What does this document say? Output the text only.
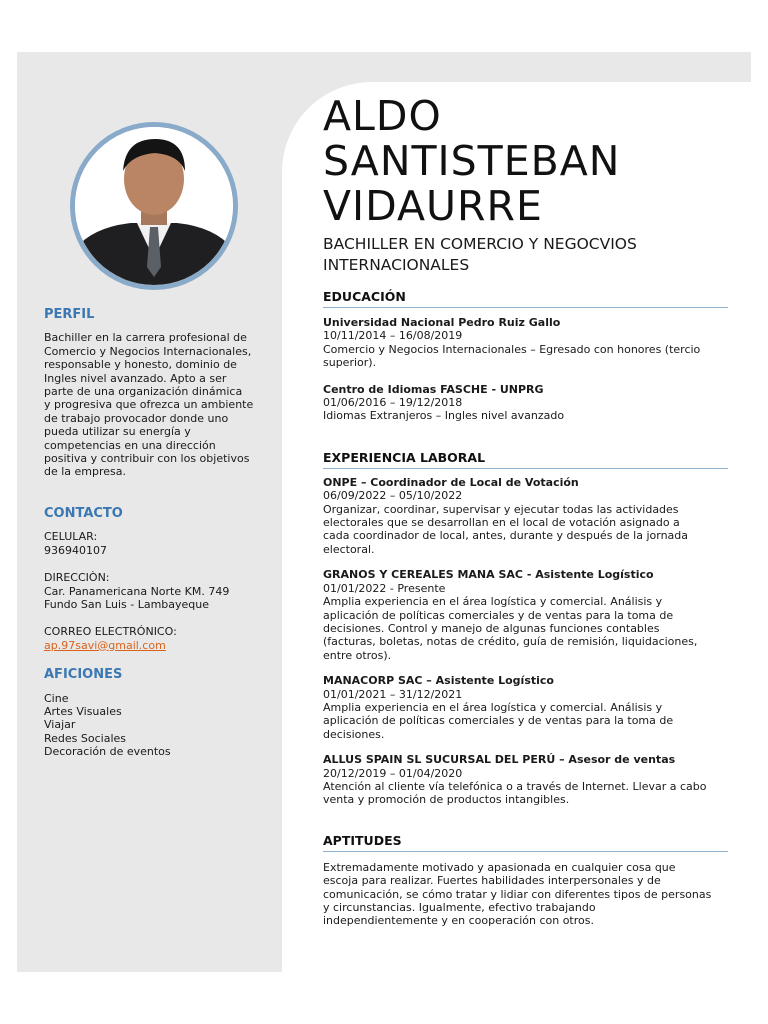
PERFIL
Bachiller en la carrera profesional de
Comercio y Negocios Internacionales,
responsable y honesto, dominio de
Ingles nivel avanzado. Apto a ser
parte de una organización dinámica
y progresiva que ofrezca un ambiente
de trabajo provocador donde uno
pueda utilizar su energía y
competencias en una dirección
positiva y contribuir con los objetivos
de la empresa.
CONTACTO
CELULAR:
936940107
DIRECCIÒN:
Car. Panamericana Norte KM. 749
Fundo San Luis - Lambayeque
CORREO ELECTRÓNICO:
ap.97savi@gmail.com
AFICIONES
Cine
Artes Visuales
Viajar
Redes Sociales
Decoración de eventos
ALDO
SANTISTEBAN
VIDAURRE
BACHILLER EN COMERCIO Y NEGOCVIOS
INTERNACIONALES
EDUCACIÓN
Universidad Nacional Pedro Ruiz Gallo
10/11/2014 – 16/08/2019
Comercio y Negocios Internacionales – Egresado con honores (tercio
superior).
Centro de Idiomas FASCHE - UNPRG
01/06/2016 – 19/12/2018
Idiomas Extranjeros – Ingles nivel avanzado
EXPERIENCIA LABORAL
ONPE – Coordinador de Local de Votación
06/09/2022 – 05/10/2022
Organizar, coordinar, supervisar y ejecutar todas las actividades
electorales que se desarrollan en el local de votación asignado a
cada coordinador de local, antes, durante y después de la jornada
electoral.
GRANOS Y CEREALES MANA SAC - Asistente Logístico
01/01/2022 - Presente
Amplia experiencia en el área logística y comercial. Análisis y
aplicación de políticas comerciales y de ventas para la toma de
decisiones. Control y manejo de algunas funciones contables
(facturas, boletas, notas de crédito, guía de remisión, liquidaciones,
entre otros).
MANACORP SAC – Asistente Logístico
01/01/2021 – 31/12/2021
Amplia experiencia en el área logística y comercial. Análisis y
aplicación de políticas comerciales y de ventas para la toma de
decisiones.
ALLUS SPAIN SL SUCURSAL DEL PERÚ – Asesor de ventas
20/12/2019 – 01/04/2020
Atención al cliente vía telefónica o a través de Internet. Llevar a cabo
venta y promoción de productos intangibles.
APTITUDES
Extremadamente motivado y apasionada en cualquier cosa que
escoja para realizar. Fuertes habilidades interpersonales y de
comunicación, se cómo tratar y lidiar con diferentes tipos de personas
y circunstancias. Igualmente, efectivo trabajando
independientemente y en cooperación con otros.
